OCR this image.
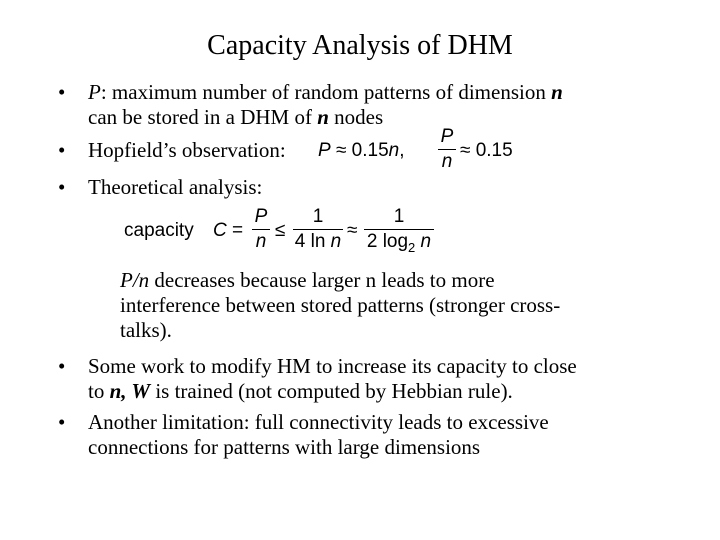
Capacity Analysis of DHM
• P: maximum number of random patterns of dimension n
can be stored in a DHM of n nodes
• Hopfield’s observation:	P ≈ 0.15n,
P
n
≈ 0.15
• Theoretical analysis:
capacity C =
P
n
≤
1
4 ln n
≈
1
2 $\log_2 n$
P/n decreases because larger n leads to more
interference between stored patterns (stronger cross-
talks).
• Some work to modify HM to increase its capacity to close
to n, W is trained (not computed by Hebbian rule).
• Another limitation: full connectivity leads to excessive
connections for patterns with large dimensions
